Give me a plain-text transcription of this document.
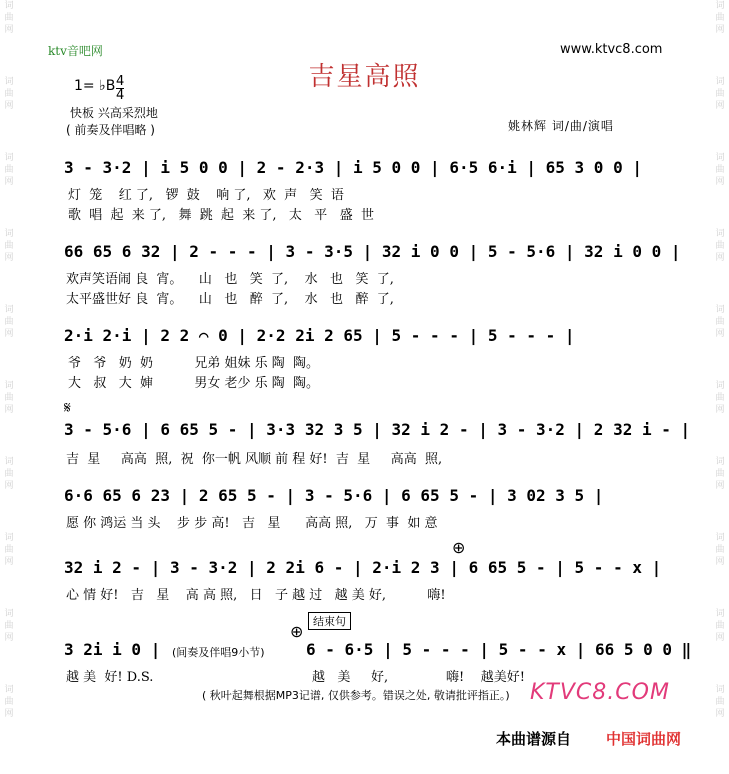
词曲网
词曲网
词曲网
词曲网
词曲网
词曲网
词曲网
词曲网
词曲网
词曲网
词曲网
词曲网
词曲网
词曲网
词曲网
词曲网
词曲网
词曲网
词曲网
词曲网
ktv音吧网	www.ktvc8.com
吉星高照
1= ♭B 4
4
快板 兴高采烈地
( 前奏及伴唱略 )	姚林辉 词/曲/演唱
3 - 3·2 | i 5 0 0 | 2 - 2·3 | i 5 0 0 | 6·5 6·i | 65 3 0 0 |
灯  笼    红 了,   锣  鼓    响 了,   欢  声   笑  语
歌  唱  起  来 了,   舞  跳  起  来 了,   太   平   盛  世
66 65 6 32 | 2 - - - | 3 - 3·5 | 32 i 0 0 | 5 - 5·6 | 32 i 0 0 |
欢声笑语闹 良  宵。    山   也   笑  了,    水   也   笑  了,
太平盛世好 良  宵。    山   也   醉  了,    水   也   醉  了,
2·i 2·i | 2 2 ⌒ 0 | 2·2 2i 2 65 | 5 - - - | 5 - - - |
爷   爷   奶  奶          兄弟 姐妹 乐 陶  陶。
大   叔   大  婶          男女 老少 乐 陶  陶。
𝄋
3 - 5·6 | 6 65 5 - | 3·3 32 3 5 | 32 i 2 - | 3 - 3·2 | 2 32 i - |
吉  星     高高  照,  祝  你一帆 风顺 前 程 好!  吉  星     高高  照,
6·6 65 6 23 | 2 65 5 - | 3 - 5·6 | 6 65 5 - | 3 02 3 5 |
愿 你 鸿运 当 头    步 步 高!   吉   星      高高 照,   万  事  如 意
⊕
32 i 2 - | 3 - 3·2 | 2 2i 6 - | 2·i 2 3 | 6 65 5 - | 5 - - x |
心 情 好!   吉   星    高 高 照,   日   子 越 过   越 美 好,          嗨!
结束句
⊕
3 2i i 0 | (间奏及伴唱9小节)	6 - 6·5 | 5 - - - | 5 - - x | 66 5 0 0 ‖
越 美  好! D.S.	越   美     好,              嗨!    越美好!
( 秋叶起舞根据MP3记谱, 仅供参考。错误之处, 敬请批评指正。) KTVC8.COM
本曲谱源自 中国词曲网
